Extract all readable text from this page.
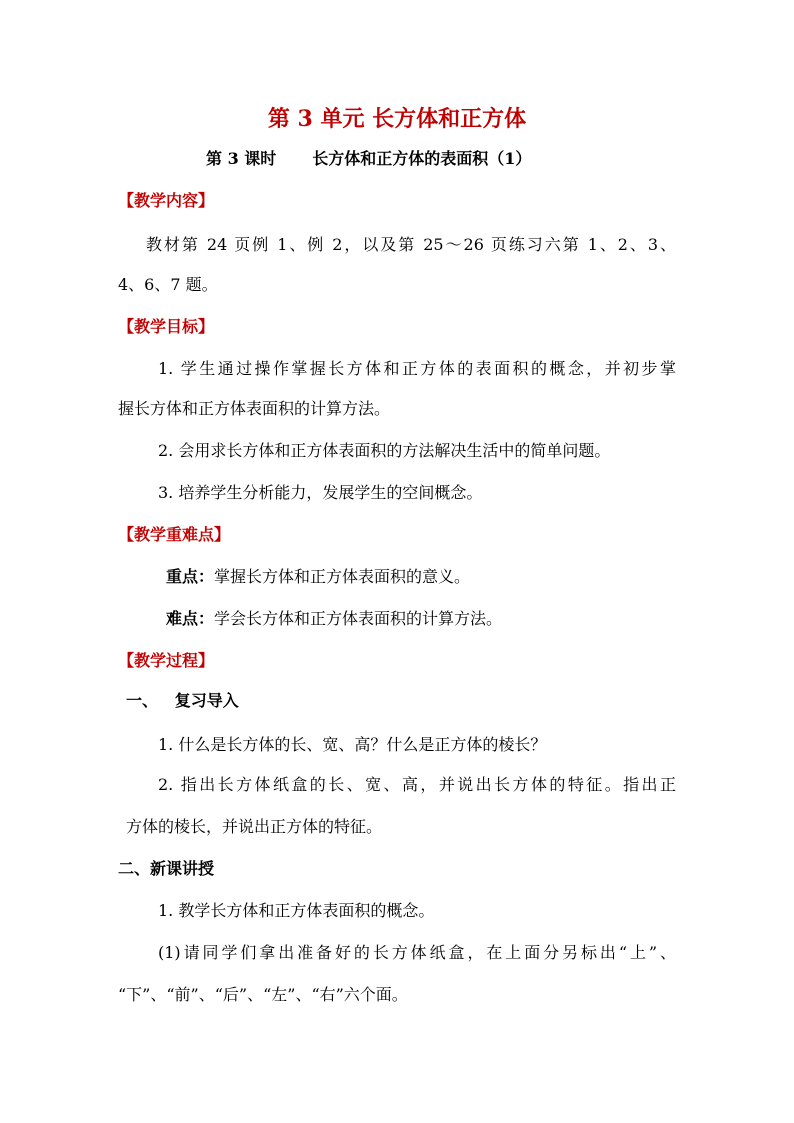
第 3 单元 长方体和正方体
第 3 课时 长方体和正方体的表面积（1）
【教学内容】
教材第 24 页例 1、例 2，以及第 25～26 页练习六第 1、2、3、
4、6、7 题。
【教学目标】
1. 学生通过操作掌握长方体和正方体的表面积的概念，并初步掌
握长方体和正方体表面积的计算方法。
2. 会用求长方体和正方体表面积的方法解决生活中的简单问题。
3. 培养学生分析能力，发展学生的空间概念。
【教学重难点】
重点：掌握长方体和正方体表面积的意义。
难点：学会长方体和正方体表面积的计算方法。
【教学过程】
一、   复习导入
1. 什么是长方体的长、宽、高？什么是正方体的棱长？
2. 指出长方体纸盒的长、宽、高，并说出长方体的特征。指出正
方体的棱长，并说出正方体的特征。
二、新课讲授
1. 教学长方体和正方体表面积的概念。
(1)请同学们拿出准备好的长方体纸盒，在上面分另标出“上”、
“下”、“前”、“后”、“左”、“右”六个面。
